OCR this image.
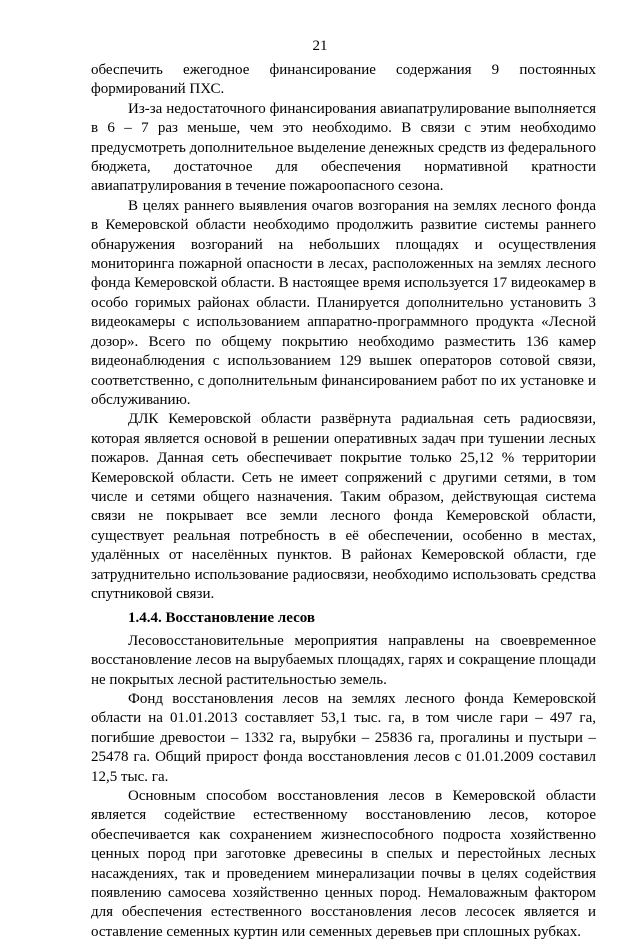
21

обеспечить ежегодное финансирование содержания 9 постоянных формирований ПХС.

Из-за недостаточного финансирования авиапатрулирование выполняется в 6 – 7 раз меньше, чем это необходимо. В связи с этим необходимо предусмотреть дополнительное выделение денежных средств из федерального бюджета, достаточное для обеспечения нормативной кратности авиапатрулирования в течение пожароопасного сезона.

В целях раннего выявления очагов возгорания на землях лесного фонда в Кемеровской области необходимо продолжить развитие системы раннего обнаружения возгораний на небольших площадях и осуществления мониторинга пожарной опасности в лесах, расположенных на землях лесного фонда Кемеровской области. В настоящее время используется 17 видеокамер в особо горимых районах области. Планируется дополнительно установить 3 видеокамеры с использованием аппаратно-программного продукта «Лесной дозор». Всего по общему покрытию необходимо разместить 136 камер видеонаблюдения с использованием 129 вышек операторов сотовой связи, соответственно, с дополнительным финансированием работ по их установке и обслуживанию.

ДЛК Кемеровской области развёрнута радиальная сеть радиосвязи, которая является основой в решении оперативных задач при тушении лесных пожаров. Данная сеть обеспечивает покрытие только 25,12 % территории Кемеровской области. Сеть не имеет сопряжений с другими сетями, в том числе и сетями общего назначения. Таким образом, действующая система связи не покрывает все земли лесного фонда Кемеровской области, существует реальная потребность в её обеспечении, особенно в местах, удалённых от населённых пунктов. В районах Кемеровской области, где затруднительно использование радиосвязи, необходимо использовать средства спутниковой связи.

1.4.4. Восстановление лесов

Лесовосстановительные мероприятия направлены на своевременное восстановление лесов на вырубаемых площадях, гарях и сокращение площади не покрытых лесной растительностью земель.

Фонд восстановления лесов на землях лесного фонда Кемеровской области на 01.01.2013 составляет 53,1 тыс. га, в том числе гари – 497 га, погибшие древостои – 1332 га, вырубки – 25836 га, прогалины и пустыри – 25478 га. Общий прирост фонда восстановления лесов с 01.01.2009 составил 12,5 тыс. га.

Основным способом восстановления лесов в Кемеровской области является содействие естественному восстановлению лесов, которое обеспечивается как сохранением жизнеспособного подроста хозяйственно ценных пород при заготовке древесины в спелых и перестойных лесных насаждениях, так и проведением минерализации почвы в целях содействия появлению самосева хозяйственно ценных пород. Немаловажным фактором для обеспечения естественного восстановления лесов лесосек является и оставление семенных куртин или семенных деревьев при сплошных рубках.
